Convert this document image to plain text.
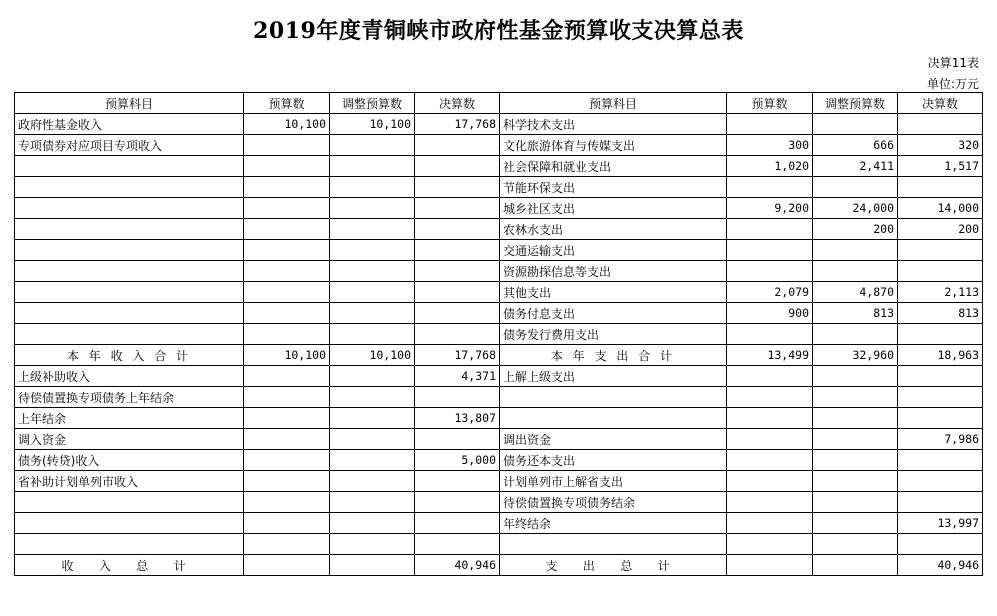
2019年度青铜峡市政府性基金预算收支决算总表
决算11表
单位:万元
预算科目	预算数	调整预算数	决算数	预算科目	预算数	调整预算数	决算数
政府性基金收入	10,100	10,100	17,768	科学技术支出			
专项债券对应项目专项收入				文化旅游体育与传媒支出	300	666	320
				社会保障和就业支出	1,020	2,411	1,517
				节能环保支出			
				城乡社区支出	9,200	24,000	14,000
				农林水支出		200	200
				交通运输支出			
				资源勘探信息等支出			
				其他支出	2,079	4,870	2,113
				债务付息支出	900	813	813
				债务发行费用支出			
本 年 收 入 合 计	10,100	10,100	17,768	本 年 支 出 合 计	13,499	32,960	18,963
上级补助收入			4,371	上解上级支出			
待偿债置换专项债务上年结余							
上年结余			13,807				
调入资金				调出资金			7,986
债务(转贷)收入			5,000	债务还本支出			
省补助计划单列市收入				计划单列市上解省支出			
				待偿债置换专项债务结余			
				年终结余			13,997

收 入 总 计			40,946	支 出 总 计			40,946
